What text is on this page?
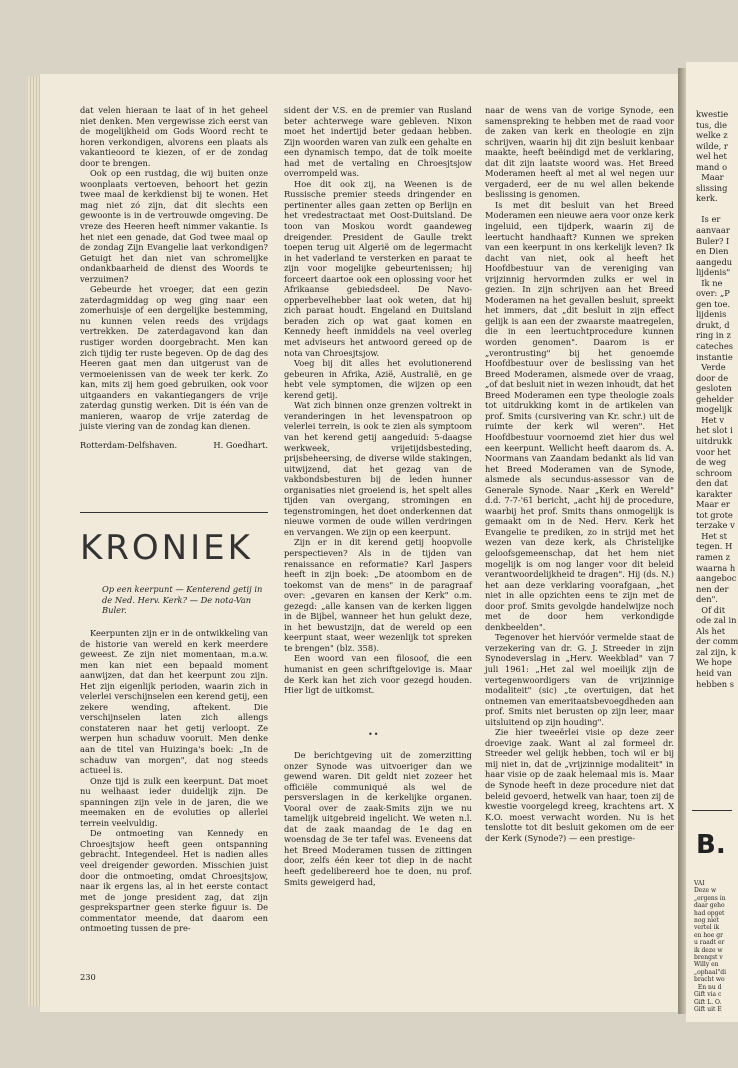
kwestie
tus, die
welke z
wilde, r
wel het
mand o
Maar
slissing
kerk.

Is er
aanvaar
Buler? I
en Dien
aangedu
lijdenis"
Ik ne
over: „P
gen toe.
lijdenis
drukt, d
ring in z
cateches
instantie
Verde
door de
gesloten
gehelder
mogelijk
Het v
het slot i
uitdrukk
voor het
de weg
schroom
den dat
karakter
Maar er
tot grote
terzake v
Het st
tegen. H
ramen z
waarna h
aangeboc
nen der
den".
Of dit
ode zal in
Als het
der comm
zal zijn, k
We hope
heid van
hebben s
B.
VAI
Deze w
„ergens in
daar geho
had opget
nog niet
vertel ik
en hoe gr
u raadt er
ik deze w
brengst v
Willy en
„ophaal"di
bracht wo
En nu d
Gift via c
Gift L. O.
Gift uit E

dat velen hieraan te laat of in het geheel niet denken. Men vergewisse zich eerst van de mogelijkheid om Gods Woord recht te horen verkondigen, alvorens een plaats als vakantieoord te kiezen, of er de zondag door te brengen.

Ook op een rustdag, die wij buiten onze woonplaats vertoeven, behoort het gezin twee maal de kerkdienst bij te wonen. Het mag niet zó zijn, dat dit slechts een gewoonte is in de vertrouwde omgeving. De vreze des Heeren heeft nimmer vakantie. Is het niet een genade, dat God twee maal op de zondag Zijn Evangelie laat verkondigen? Getuigt het dan niet van schromelijke ondankbaarheid de dienst des Woords te verzuimen?

Gebeurde het vroeger, dat een gezin zaterdagmiddag op weg ging naar een zomerhuisje of een dergelijke bestemming, nu kunnen velen reeds des vrijdags vertrekken. De zaterdagavond kan dan rustiger worden doorgebracht. Men kan zich tijdig ter ruste begeven. Op de dag des Heeren gaat men dan uitgerust van de vermoeienissen van de week ter kerk. Zo kan, mits zij hem goed gebruiken, ook voor uitgaanders en vakantiegangers de vrije zaterdag gunstig werken. Dit is één van de manieren, waarop de vrije zaterdag de juiste viering van de zondag kan dienen.

Rotterdam-Delfshaven.	H. Goedhart.
KRONIEK
Op een keerpunt — Kenterend getij in de Ned. Herv. Kerk? — De nota-Van Buler.

Keerpunten zijn er in de ontwikkeling van de historie van wereld en kerk meerdere geweest. Ze zijn niet momentaan, m.a.w. men kan niet een bepaald moment aanwijzen, dat dan het keerpunt zou zijn. Het zijn eigenlijk perioden, waarin zich in velerlei verschijnselen een kerend getij, een zekere wending, aftekent. Die verschijnselen laten zich allengs constateren naar het getij verloopt. Ze werpen hun schaduw vooruit. Men denke aan de titel van Huizinga's boek: „In de schaduw van morgen", dat nog steeds actueel is.

Onze tijd is zulk een keerpunt. Dat moet nu welhaast ieder duidelijk zijn. De spanningen zijn vele in de jaren, die we meemaken en de evoluties op allerlei terrein veelvuldig.

De ontmoeting van Kennedy en Chroesjtsjow heeft geen ontspanning gebracht. Integendeel. Het is nadien alles veel dreigender geworden. Misschien juist door die ontmoeting, omdat Chroesjtsjow, naar ik ergens las, al in het eerste contact met de jonge president zag, dat zijn gesprekspartner geen sterke figuur is. De commentator meende, dat daarom een ontmoeting tussen de pre-

sident der V.S. en de premier van Rusland beter achterwege ware gebleven. Nixon moet het indertijd beter gedaan hebben. Zijn woorden waren van zulk een gehalte en een dynamisch tempo, dat de tolk moeite had met de vertaling en Chroesjtsjow overrompeld was.

Hoe dit ook zij, na Weenen is de Russische premier steeds dringender en pertinenter alles gaan zetten op Berlijn en het vredestractaat met Oost-Duitsland. De toon van Moskou wordt gaandeweg dreigender. President de Gaulle trekt toepen terug uit Algerië om de legermacht in het vaderland te versterken en paraat te zijn voor mogelijke gebeurtenissen; hij forceert daartoe ook een oplossing voor het Afrikaanse gebiedsdeel. De Navo-opperbevelhebber laat ook weten, dat hij zich paraat houdt. Engeland en Duitsland beraden zich op wat gaat komen en Kennedy heeft inmiddels na veel overleg met adviseurs het antwoord gereed op de nota van Chroesjtsjow.

Voeg bij dit alles het evolutionerend gebeuren in Afrika, Azië, Australië, en ge hebt vele symptomen, die wijzen op een kerend getij.

Wat zich binnen onze grenzen voltrekt in veranderingen in het levenspatroon op velerlei terrein, is ook te zien als symptoom van het kerend getij aangeduid: 5-daagse werkweek, vrijetijdsbesteding, prijsbeheersing, de diverse wilde stakingen, uitwijzend, dat het gezag van de vakbondsbesturen bij de leden hunner organisaties niet groeiend is, het spelt alles tijden van overgang, stromingen en tegenstromingen, het doet onderkennen dat nieuwe vormen de oude willen verdringen en vervangen. We zijn op een keerpunt.

Zijn er in dit kerend getij hoopvolle perspectieven? Als in de tijden van renaissance en reformatie? Karl Jaspers heeft in zijn boek: „De atoombom en de toekomst van de mens" in de paragraaf over: „gevaren en kansen der Kerk" o.m. gezegd: „alle kansen van de kerken liggen in de Bijbel, wanneer het hun gelukt deze, in het bewustzijn, dat de wereld op een keerpunt staat, weer wezenlijk tot spreken te brengen" (blz. 358).

Een woord van een filosoof, die een humanist en geen schriftgelovige is. Maar de Kerk kan het zich voor gezegd houden. Hier ligt de uitkomst.

••

De berichtgeving uit de zomerzitting onzer Synode was uitvoeriger dan we gewend waren. Dit geldt niet zozeer het officiële communiqué als wel de persverslagen in de kerkelijke organen. Vooral over de zaak-Smits zijn we nu tamelijk uitgebreid ingelicht. We weten n.l. dat de zaak maandag de 1e dag en woensdag de 3e ter tafel was. Eveneens dat het Breed Moderamen tussen de zittingen door, zelfs één keer tot diep in de nacht heeft gedelibereerd hoe te doen, nu prof. Smits geweigerd had,

naar de wens van de vorige Synode, een samenspreking te hebben met de raad voor de zaken van kerk en theologie en zijn schrijven, waarin hij dit zijn besluit kenbaar maakte, heeft beëindigd met de verklaring, dat dit zijn laatste woord was. Het Breed Moderamen heeft al met al wel negen uur vergaderd, eer de nu wel allen bekende beslissing is genomen.

Is met dit besluit van het Breed Moderamen een nieuwe aera voor onze kerk ingeluid, een tijdperk, waarin zij de leertucht handhaaft? Kunnen we spreken van een keerpunt in ons kerkelijk leven? Ik dacht van niet, ook al heeft het Hoofdbestuur van de vereniging van vrijzinnig hervormden zulks er wel in gezien. In zijn schrijven aan het Breed Moderamen na het gevallen besluit, spreekt het immers, dat „dit besluit in zijn effect gelijk is aan een der zwaarste maatregelen, die in een leertuchtprocedure kunnen worden genomen". Daarom is er „verontrusting" bij het genoemde Hoofdbestuur over de beslissing van het Breed Moderamen, alsmede over de vraag, „of dat besluit niet in wezen inhoudt, dat het Breed Moderamen een type theologie zoals tot uitdrukking komt in de artikelen van prof. Smits (cursivering van Kr. schr.) uit de ruimte der kerk wil weren". Het Hoofdbestuur voornoemd ziet hier dus wel een keerpunt. Wellicht heeft daarom ds. A. Noormans van Zaandam bedankt als lid van het Breed Moderamen van de Synode, alsmede als secundus-assessor van de Generale Synode. Naar „Kerk en Wereld" d.d. 7-7-'61 bericht, „acht hij de procedure, waarbij het prof. Smits thans onmogelijk is gemaakt om in de Ned. Herv. Kerk het Evangelie te prediken, zo in strijd met het wezen van deze kerk, als Christelijke geloofsgemeenschap, dat het hem niet mogelijk is om nog langer voor dit beleid verantwoordelijkheid te dragen". Hij (ds. N.) het aan deze verklaring voorafgaan, „het niet in alle opzichten eens te zijn met de door prof. Smits gevolgde handelwijze noch met de door hem verkondigde denkbeelden".

Tegenover het hiervóór vermelde staat de verzekering van dr. G. J. Streeder in zijn Synodeverslag in „Herv. Weekblad" van 7 juli 1961: „Het zal wel moeilijk zijn de vertegenwoordigers van de vrijzinnige modaliteit" (sic) „te overtuigen, dat het ontnemen van emeritaatsbevoegdheden aan prof. Smits niet berusten op zijn leer, maar uitsluitend op zijn houding".

Zie hier tweeërlei visie op deze zeer droevige zaak. Want al zal formeel dr. Streeder wel gelijk hebben, toch wil er bij mij niet in, dat de „vrijzinnige modaliteit" in haar visie op de zaak helemaal mis is. Maar de Synode heeft in deze procedure niet dat beleid gevoerd, hetwelk van haar, toen zij de kwestie voorgelegd kreeg, krachtens art. X K.O. moest verwacht worden. Nu is het tenslotte tot dit besluit gekomen om de eer der Kerk (Synode?) — een prestige-

230
